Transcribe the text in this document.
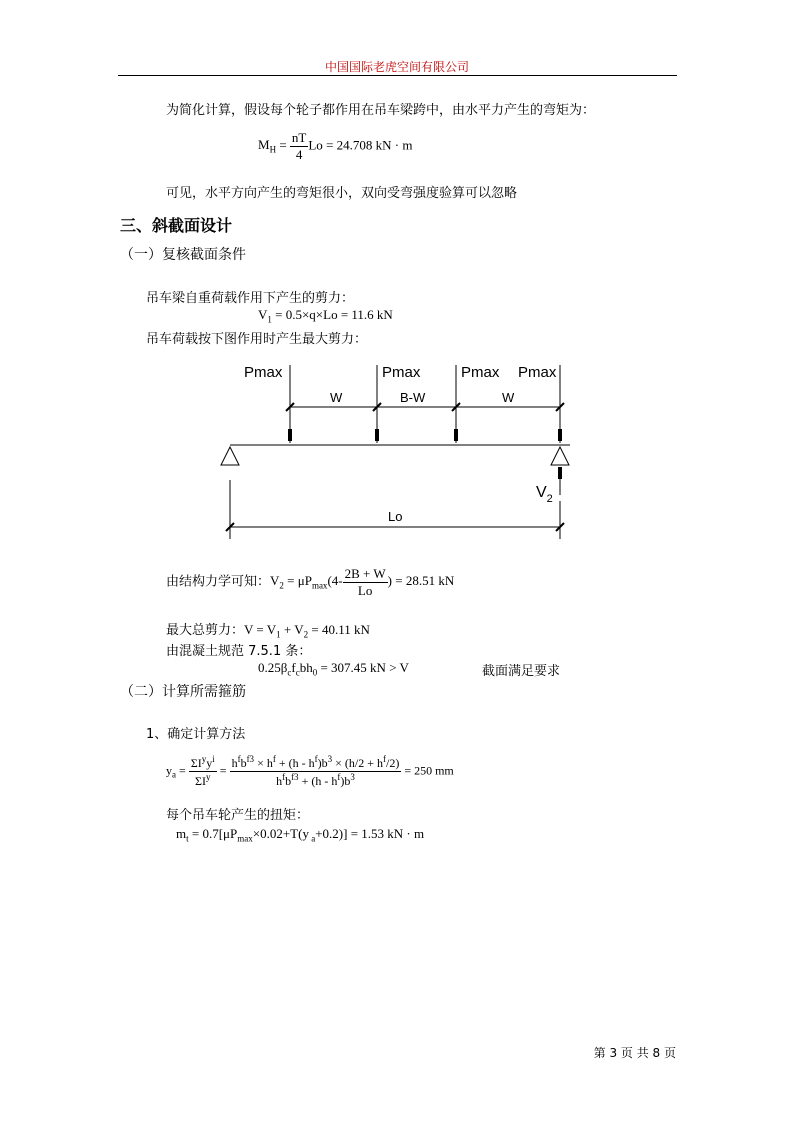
中国国际老虎空间有限公司
为简化计算，假设每个轮子都作用在吊车梁跨中，由水平力产生的弯矩为：
$M_H = \frac{nT}{4}$ Lo = 24.708 kN · m
可见，水平方向产生的弯矩很小，双向受弯强度验算可以忽略
三、斜截面设计
（一）复核截面条件
吊车梁自重荷载作用下产生的剪力：
$V_1 = 0.5\times q\times Lo = 11.6$ kN
吊车荷载按下图作用时产生最大剪力：
Pmax	Pmax	Pmax Pmax
W	B-W	W
$V_2$
Lo
由结构力学可知：$V_2 = \mu P_{max}(4- \frac{2B + W}{Lo}$ ) = 28.51 kN
最大总剪力：$V = V_1 + V_2 = 40.11$ kN
由混凝土规范 7.5.1 条：
$0.25\beta_cf_cbh_0 = 307.45$ kN > V	截面满足要求
（二）计算所需箍筋
1、确定计算方法
$y_a = \frac{\Sigma I^yy^i}{\Sigma I^y} = \frac{h^fb^{f3} \times h^f + (h - h^f)b^3 \times (h/2 + h^f/2)}{h^fb^{f3} + (h - h^f)b^3} = 250$ mm
每个吊车轮产生的扭矩：
$m_t = 0.7[\mu P_{max}\times 0.02+T(y$ $_a$+0.2)] = 1.53 kN · m
第 3 页 共 8 页
